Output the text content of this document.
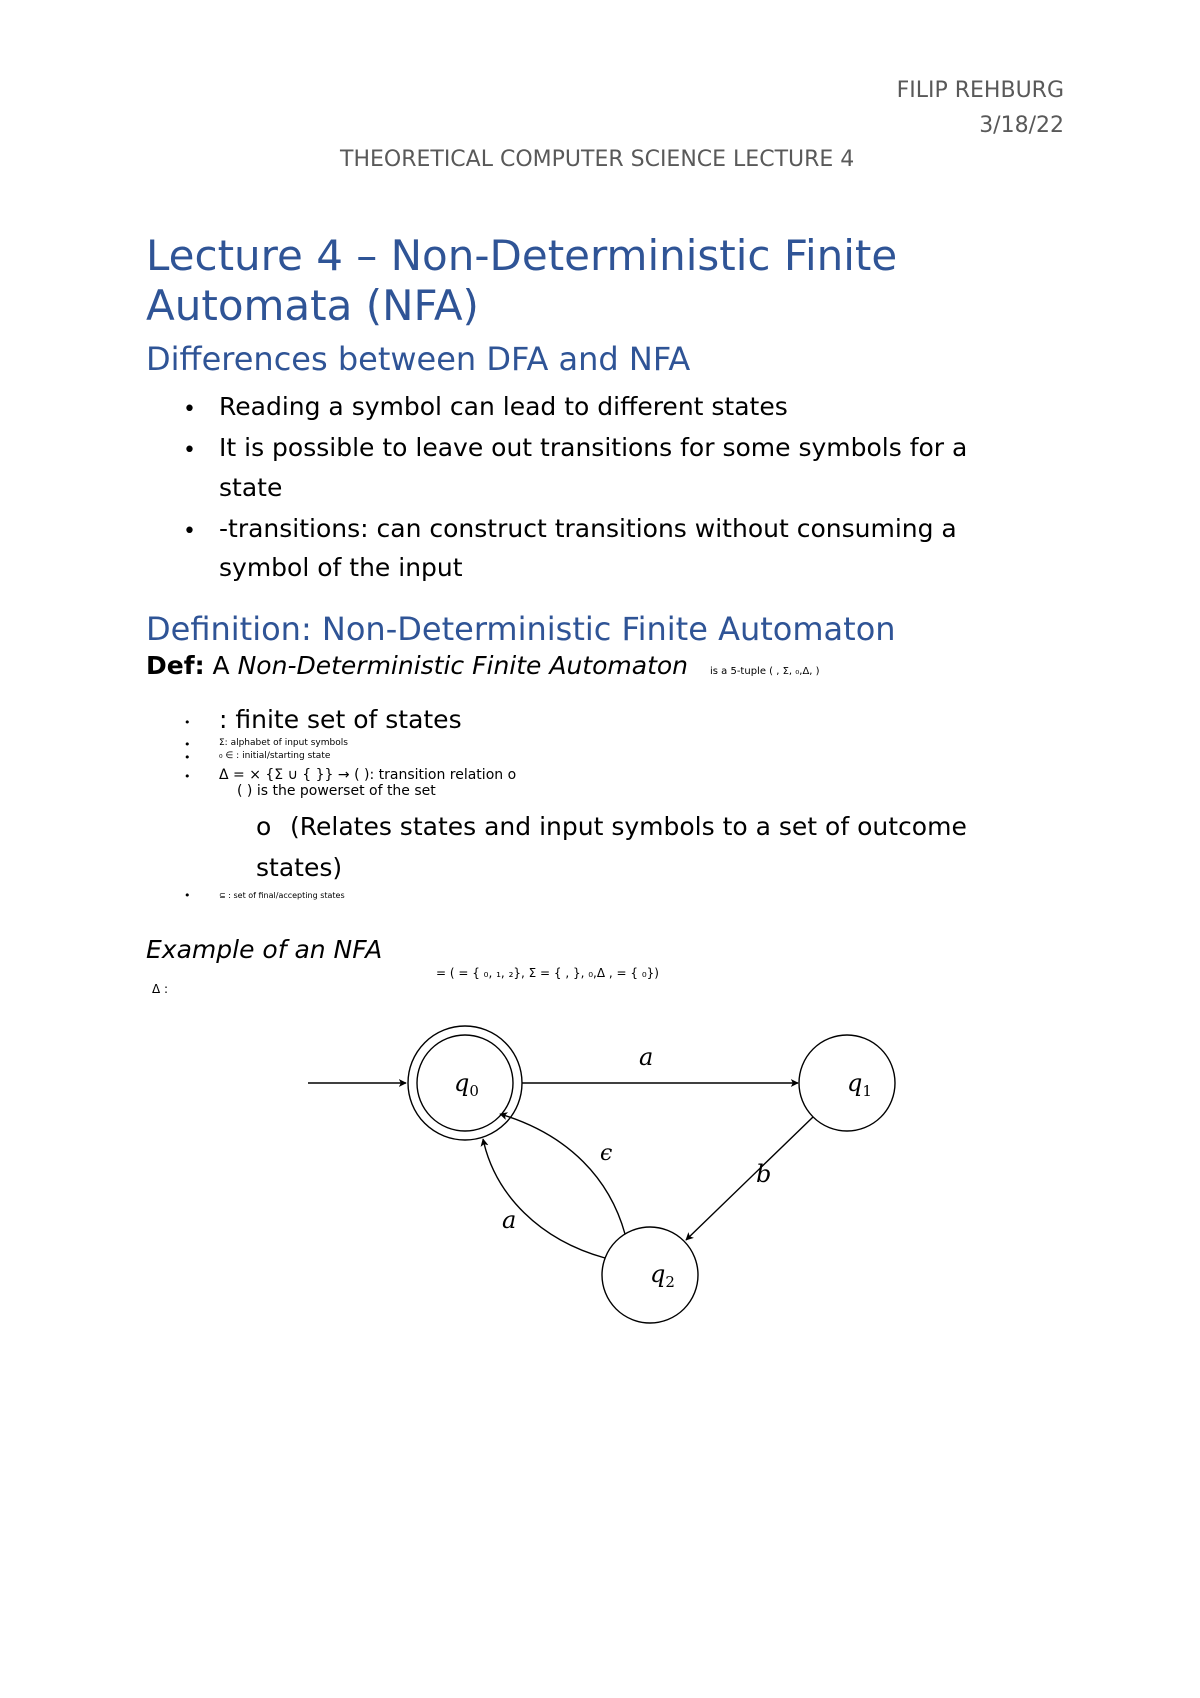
FILIP REHBURG
3/18/22
THEORETICAL COMPUTER SCIENCE LECTURE 4
Lecture 4 – Non-Deterministic Finite
Automata (NFA)
Differences between DFA and NFA
• Reading a symbol can lead to different states
• It is possible to leave out transitions for some symbols for a
state
• -transitions: can construct transitions without consuming a
symbol of the input
Definition: Non-Deterministic Finite Automaton
Def: A Non-Deterministic Finite Automaton is a 5-tuple ( , Σ, ₀,Δ, )
• : finite set of states
•	Σ: alphabet of input symbols
•	₀ ∈ : initial/starting state
• Δ = × {Σ ∪ { }} → ( ): transition relation o
( ) is the powerset of the set
o (Relates states and input symbols to a set of outcome
states)
•	⊆ : set of final/accepting states
Example of an NFA
= ( = { ₀, ₁, ₂}, Σ = { , }, ₀,Δ , = { ₀})
Δ :
$q_0$	$q_1$
$q_2$
a
b
ϵ
a
